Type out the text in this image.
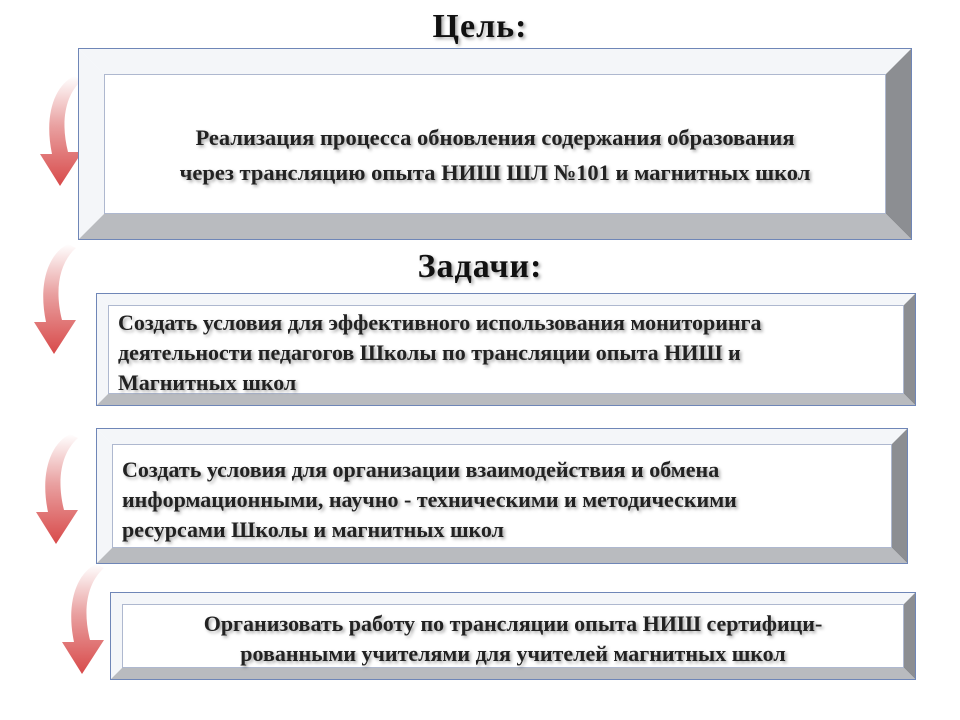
Цель:
Реализация процесса обновления содержания образования
через трансляцию опыта НИШ ШЛ №101 и магнитных школ
Задачи:
Создать условия для эффективного использования мониторинга
деятельности педагогов Школы по трансляции опыта НИШ и
Магнитных школ
Создать условия для организации взаимодействия и обмена
информационными, научно - техническими и методическими
ресурсами Школы и магнитных школ
Организовать работу по трансляции опыта НИШ сертифици-
рованными учителями для учителей магнитных школ
